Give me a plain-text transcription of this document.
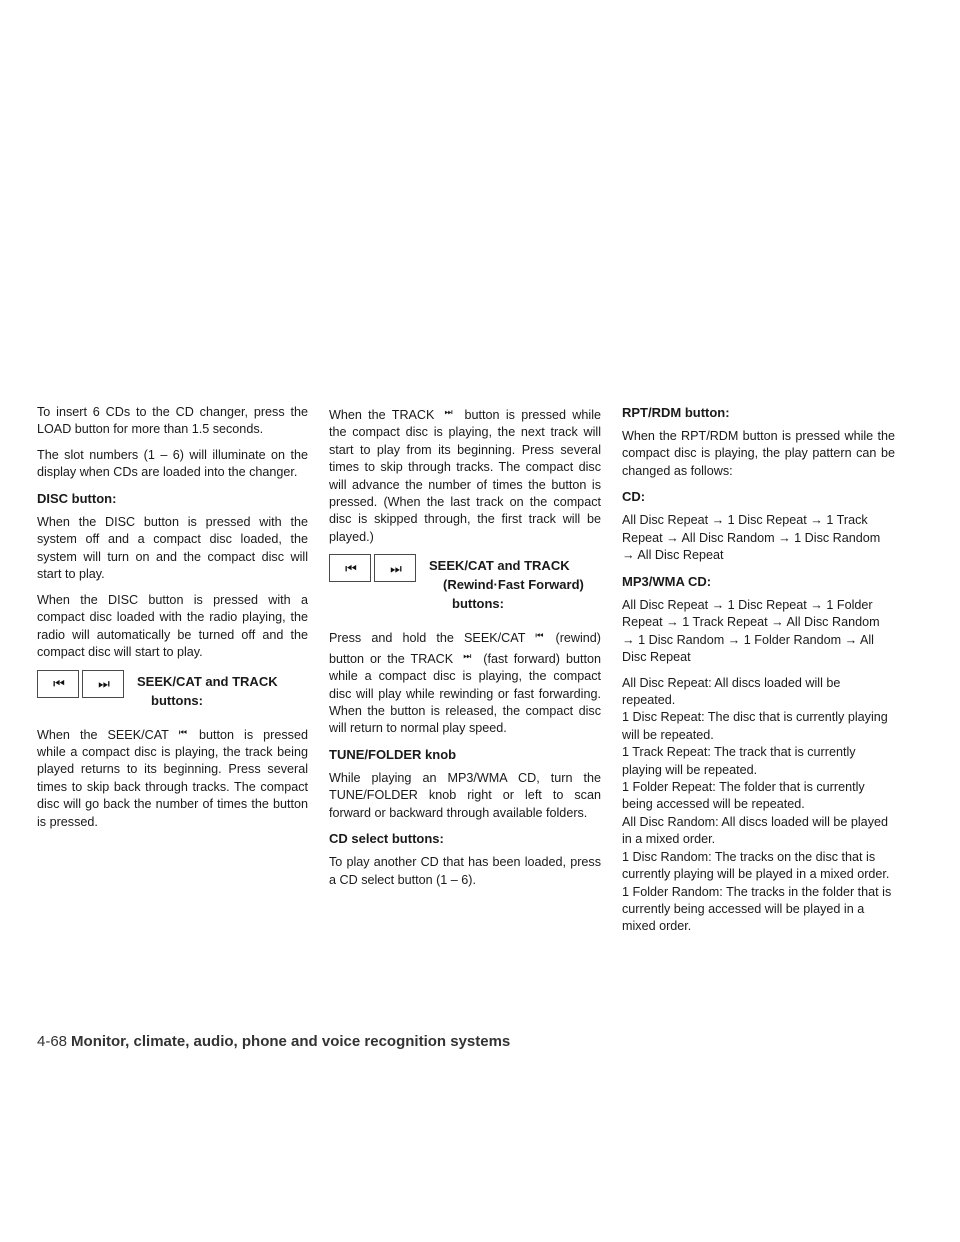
To insert 6 CDs to the CD changer, press the LOAD button for more than 1.5 seconds.

The slot numbers (1 – 6) will illuminate on the display when CDs are loaded into the changer.

DISC button:

When the DISC button is pressed with the system off and a compact disc loaded, the system will turn on and the compact disc will start to play.

When the DISC button is pressed with a compact disc loaded with the radio playing, the radio will automatically be turned off and the compact disc will start to play.

⏮	⏭	SEEK/CAT and TRACK
buttons:

When the SEEK/CAT ⏮ button is pressed while a compact disc is playing, the track being played returns to its beginning. Press several times to skip back through tracks. The compact disc will go back the number of times the button is pressed.

When the TRACK ⏭ button is pressed while the compact disc is playing, the next track will start to play from its beginning. Press several times to skip through tracks. The compact disc will advance the number of times the button is pressed. (When the last track on the compact disc is skipped through, the first track will be played.)

⏮	⏭	SEEK/CAT and TRACK
(Rewind·Fast Forward)
buttons:

Press and hold the SEEK/CAT ⏮ (rewind) button or the TRACK ⏭ (fast forward) button while a compact disc is playing, the compact disc will play while rewinding or fast forwarding. When the button is released, the compact disc will return to normal play speed.

TUNE/FOLDER knob

While playing an MP3/WMA CD, turn the TUNE/FOLDER knob right or left to scan forward or backward through available folders.

CD select buttons:

To play another CD that has been loaded, press a CD select button (1 – 6).

RPT/RDM button:

When the RPT/RDM button is pressed while the compact disc is playing, the play pattern can be changed as follows:

CD:

All Disc Repeat → 1 Disc Repeat → 1 Track Repeat → All Disc Random → 1 Disc Random → All Disc Repeat

MP3/WMA CD:

All Disc Repeat → 1 Disc Repeat → 1 Folder Repeat → 1 Track Repeat → All Disc Random → 1 Disc Random → 1 Folder Random → All Disc Repeat

All Disc Repeat: All discs loaded will be repeated.
1 Disc Repeat: The disc that is currently playing will be repeated.
1 Track Repeat: The track that is currently playing will be repeated.
1 Folder Repeat: The folder that is currently being accessed will be repeated.
All Disc Random: All discs loaded will be played in a mixed order.
1 Disc Random: The tracks on the disc that is currently playing will be played in a mixed order.
1 Folder Random: The tracks in the folder that is currently being accessed will be played in a mixed order.

4-68 Monitor, climate, audio, phone and voice recognition systems
